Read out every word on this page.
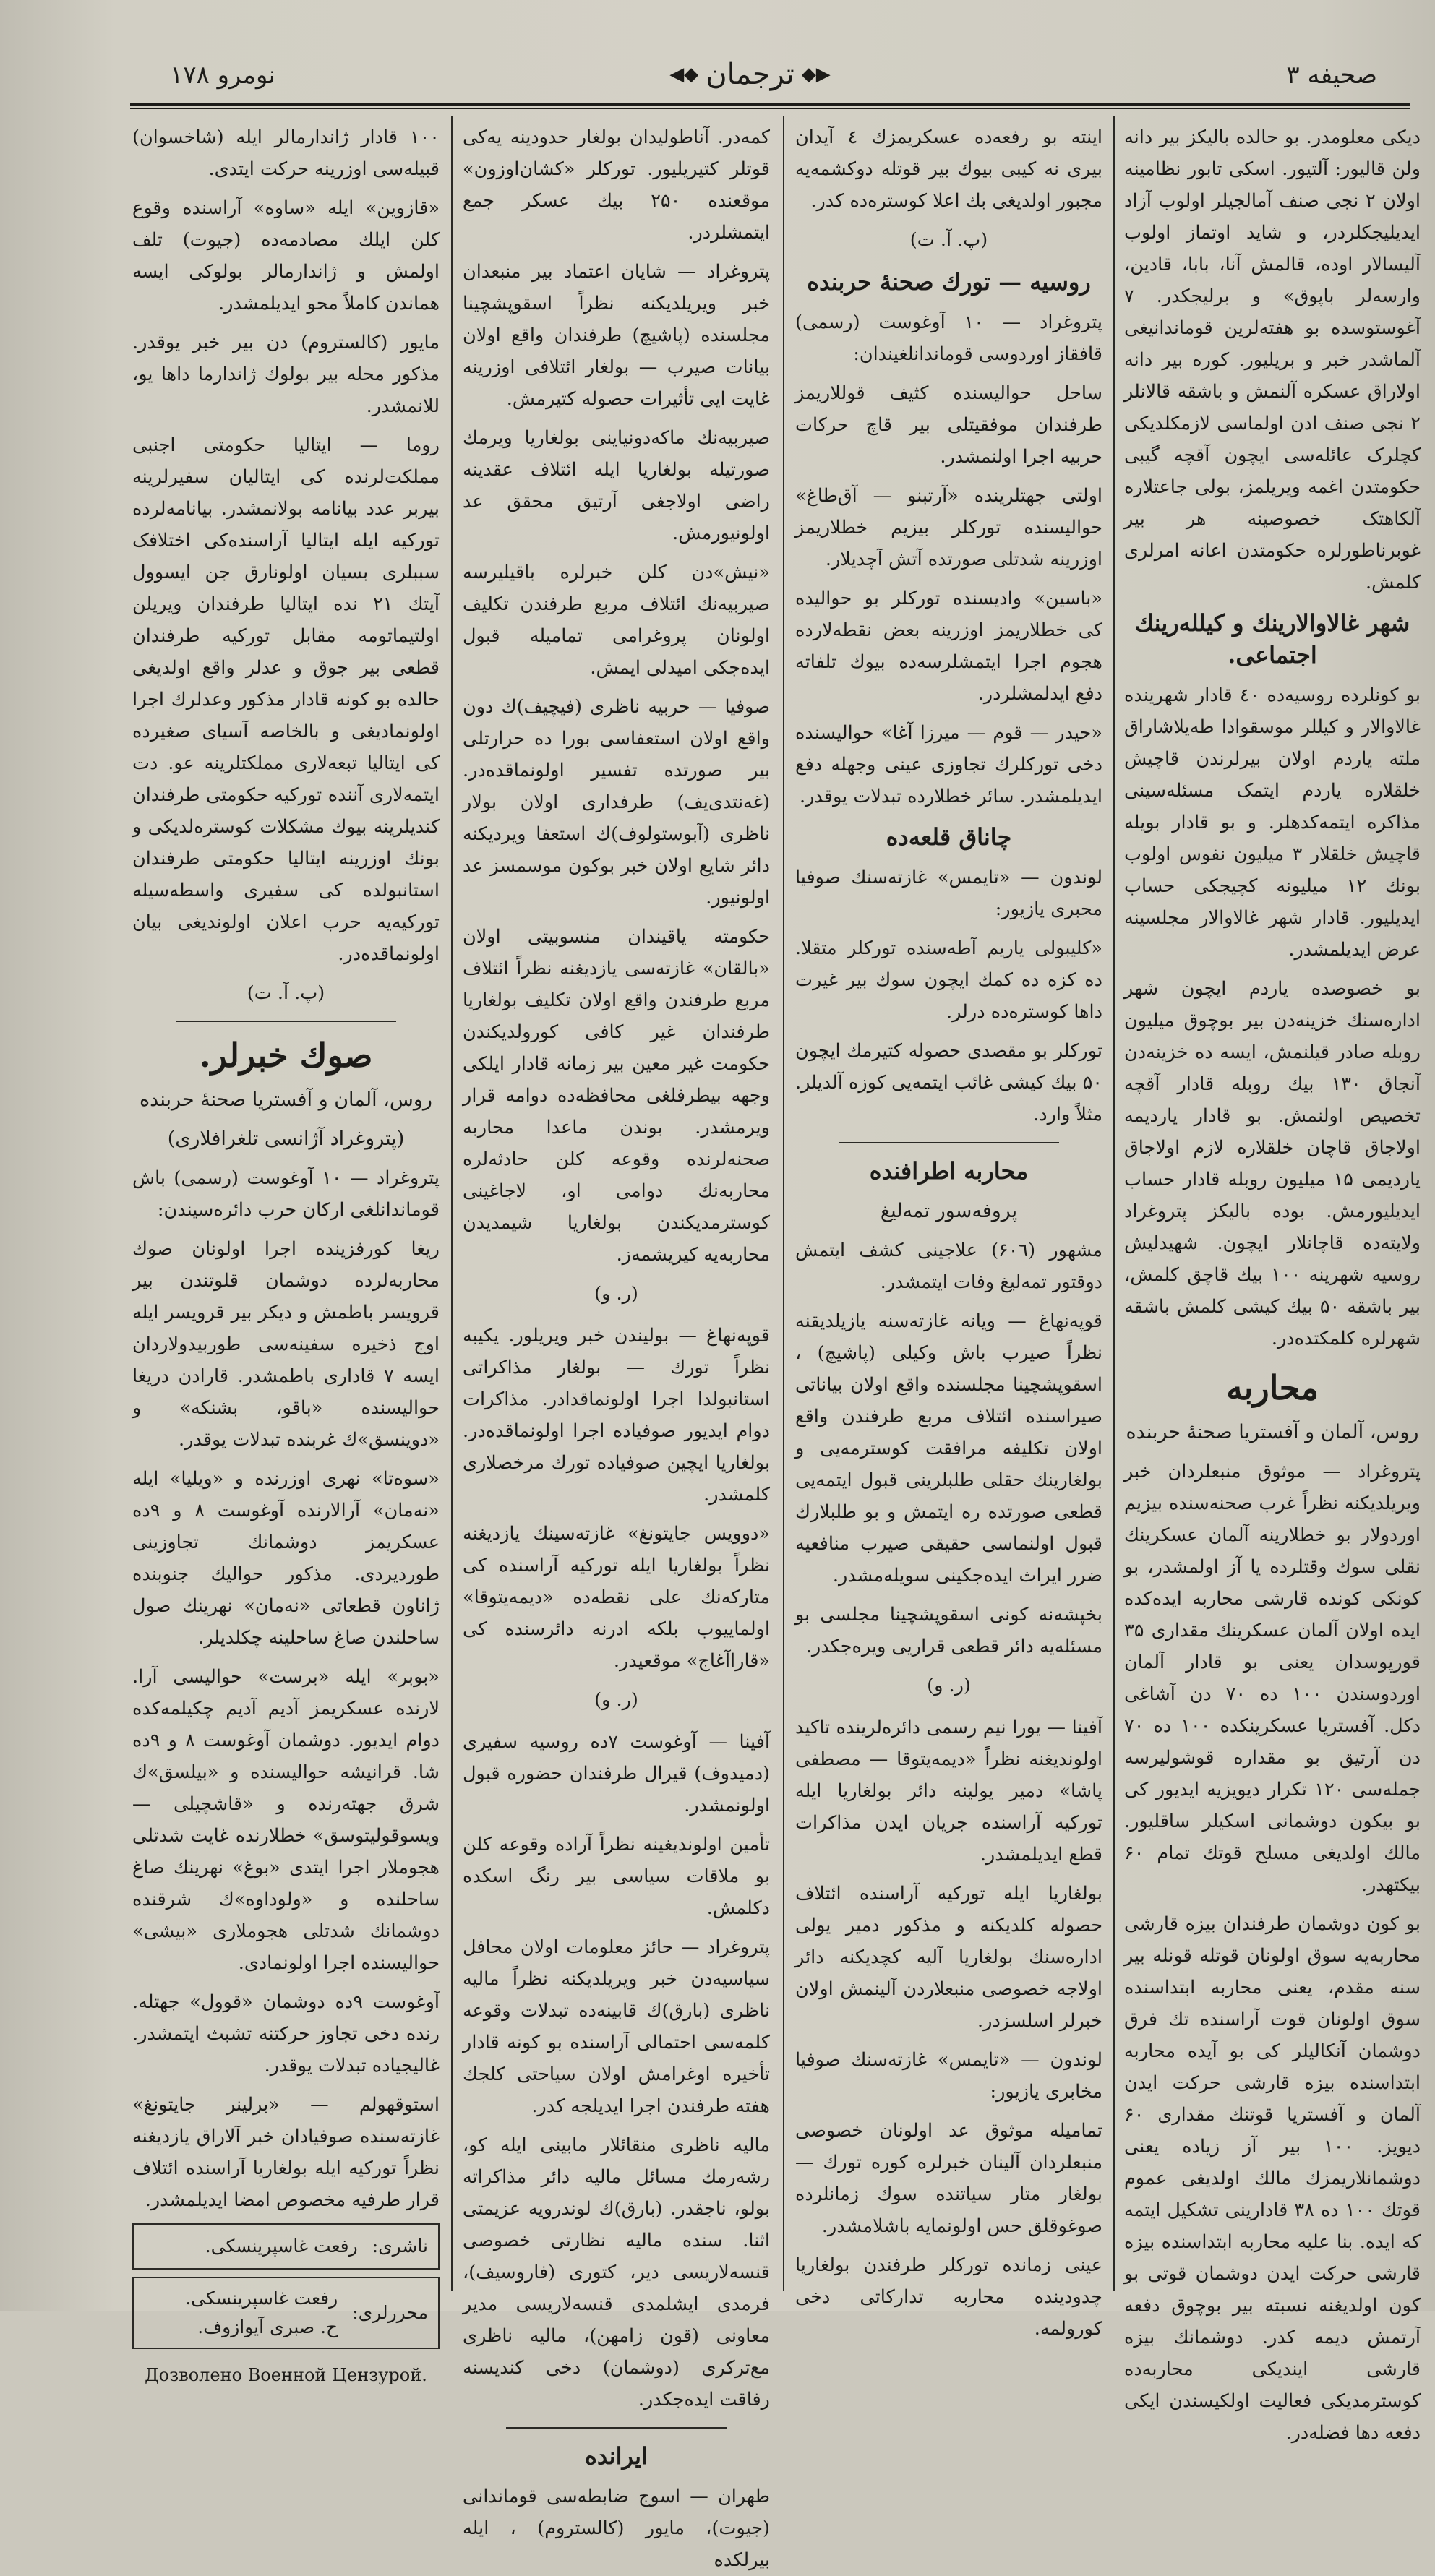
نومرو ۱۷۸	◀◆ ترجمان ◆▶	صحیفه ۳

دیکی معلومدر. بو حالده بالیکز بیر دانه ولن قالیور: آلتیور. اسکی تابور نظامینه اولان ۲ نجی صنف آمالجیلر اولوب آزاد ایدیلیجکلردر، و شاید اوتماز اولوب آلیسالار اوده، قالمش آنا، بابا، قادین، وارسه‌لر باپوق» و برلیجکدر. ۷ آغوستوسده بو هفته‌لرین قوماندانیغی آلماشدر خبر و بریلیور. کوره بیر دانه اولاراق عسکره آلنمش و باشقه قالانلر ۲ نجی صنف ادن اولماسی لازمکلدیکی کچلرک عائله‌سی ایچون آقچه گیبی حکومتدن اغمه ویریلمز، بولی جاعتلاره آلکاهتک خصوصینه هر بیر غوبرناطورلره حکومتدن اعانه امرلری کلمش.

شهر غالاوالارینك و کیلله‌رینك اجتماعی.

بو کونلرده روسیه‌ده ٤٠ قادار شهرینده غالاوالار و کیللر موسقوادا طه‌یلاشاراق ملته یاردم اولان بیرلرندن قاچیش خلقلاره یاردم ایتمک مسئله‌سینی مذاکره ایتمه‌کدهلر. و بو قادار بویله قاچیش خلقلار ۳ میلیون نفوس اولوب بونك ۱۲ میلیونه کچیجکی حساب ایدیلیور. قادار شهر غالاوالار مجلسینه عرض ایدیلمشدر.

بو خصوصده یاردم ایچون شهر اداره‌سنك خزینه‌دن بیر بوچوق میلیون روبله صادر قیلنمش، ایسه ده خزینه‌دن آنجاق ۱۳۰ بیك روبله قادار آقچه تخصیص اولنمش. بو قادار یاردیمه اولاجاق قاچان خلقلاره لازم اولاجاق یاردیمی ۱۵ میلیون روبله قادار حساب ایدیلیورمش. بوده بالیکز پتروغراد ولایته‌ده قاچانلار ایچون. شهیدلیش روسیه شهرینه ۱۰۰ بیك قاچق کلمش، بیر باشقه ۵۰ بیك کیشی کلمش باشقه شهرلره کلمکتده‌در.

محاربه
روس، آلمان و آفستریا صحنهٔ حربنده

پتروغراد — موثوق منبعلردان خبر ویریلدیکنه نظراً غرب صحنه‌سنده بیزیم اوردولار بو خطلارینه آلمان عسکرینك نقلی سوك وقتلرده یا آز اولمشدر، بو کونکی کونده قارشی محاربه ایده‌کده ایده اولان آلمان عسکرینك مقداری ۳۵ قورپوسدان یعنی بو قادار آلمان اوردوسندن ۱۰۰ ده ۷۰ دن آشاغی دکل. آفستریا عسکرینکده ۱۰۰ ده ۷۰ دن آرتیق بو مقداره قوشولیرسه جمله‌سی ۱۲۰ تکرار دیویزیه ایدیور کی بو بیکون دوشمانی اسکیلر ساقلیور. مالك اولدیغی مسلح قوتك تمام ۶۰ بیکتهدر.

بو کون دوشمان طرفندان بیزه قارشی محاربه‌یه سوق اولونان قوتله قونله بیر سنه مقدم، یعنی محاربه ابتداسنده سوق اولونان قوت آراسنده تك فرق دوشمان آنکالیلر کی بو آیده محاربه ابتداسنده بیزه قارشی حرکت ایدن آلمان و آفستریا قوتنك مقداری ۶۰ دیویز. ۱۰۰ بیر آز زیاده یعنی دوشمانلاریمزك مالك اولدیغی عموم قوتك ۱۰۰ ده ۳۸ قادارینی تشکیل ایتمه که ایده. بنا علیه محاربه ابتداسنده بیزه قارشی حرکت ایدن دوشمان قوتی بو کون اولدیغنه نسبته بیر بوچوق دفعه آرتمش دیمه کدر. دوشمانك بیزه قارشی ایندیکی محاربه‌ده کوسترمدیکی فعالیت اولکیسندن ایکی دفعه دها فضله‌در.

اینته بو رفعه‌ده عسکریمزك ٤ آیدان بیری نه کیبی بیوك بیر قوتله دوکشمه‌یه مجبور اولدیغی بك اعلا کوستره‌ده کدر.

(پ. آ. ت)
روسیه — تورك صحنهٔ حربنده

پتروغراد — ۱۰ آوغوست (رسمی) قافقاز اوردوسی قوماندانلغیندان:

ساحل حوالیسنده کثیف قوللاریمز طرفندان موفقیتلی بیر قاچ حرکات حربیه اجرا اولنمشدر.

اولتی جهتلرینده «آرتبنو — آق‌طاغ» حوالیسنده تورکلر بیزیم خطلاریمز اوزرینه شدتلی صورتده آتش آچدیلار.

«باسین» وادیسنده تورکلر بو حوالیده کی خطلاریمز اوزرینه بعض نقطه‌لارده هجوم اجرا ایتمشلرسه‌ده بیوك تلفاته دفع ایدلمشلردر.

«حیدر — قوم — میرزا آغا» حوالیسنده دخی تورکلرك تجاوزی عینی وجهله دفع ایدیلمشدر. سائر خطلارده تبدلات یوقدر.

چاناق قلعه‌ده

لوندون — «تایمس» غازته‌سنك صوفیا محبری یازیور:

«کلیبولی یاریم آطه‌سنده تورکلر متقلا. ده کزه ده کمك ایچون سوك بیر غیرت داها کوستره‌ده درلر.

تورکلر بو مقصدی حصوله کتیرمك ایچون ۵۰ بیك کیشی غائب ایتمه‌یی کوزه آلدیلر. مثلاً وارد.

محاربه اطرافنده
پروفه‌سور تمه‌لیغ

مشهور (۶۰٦) علاجینی کشف ایتمش دوقتور تمه‌لیغ وفات ایتمشدر.

قوپه‌نهاغ — ویانه غازته‌سنه یازیلدیقنه نظراً صیرب باش وکیلی (پاشیچ) ، اسقوپشچینا مجلسنده واقع اولان بیاناتی صیراسنده ائتلاف مربع طرفندن واقع اولان تکلیفه مرافقت کوسترمه‌یی و بولغارینك حقلی طلبلرینی قبول ایتمه‌یی قطعی صورتده ره ایتمش و بو طلبلارك قبول اولنماسی حقیقی صیرب منافعیه ضرر ایراث ایده‌جکینی سویله‌مشدر.

بخپشه‌نه کونی اسقوپشچینا مجلسی بو مسئله‌یه دائر قطعی قراریی ویره‌جکدر.

(ر. و)

آفینا — یورا نیم رسمی دائره‌لرینده تاکید اولوندیغنه نظراً «دیمه‌یتوقا — مصطفی پاشا» دمیر یولینه دائر بولغاریا ایله تورکیه آراسنده جریان ایدن مذاکرات قطع ایدیلمشدر.

بولغاریا ایله تورکیه آراسنده ائتلاف حصوله کلدیکنه و مذکور دمیر یولی اداره‌سنك بولغاریا آلیه کچدیکنه دائر اولاجه خصوصی منبعلاردن آلینمش اولان خبرلر اسلسزدر.

لوندون — «تایمس» غازته‌سنك صوفیا مخابری یازیور:

تمامیله موثوق عد اولونان خصوصی منبعلردان آلینان خبرلره کوره تورك — بولغار متار سیاتنده سوك زمانلرده صوغوقلق حس اولونمایه باشلامشدر.

عینی زمانده تورکلر طرفندن بولغاریا چدودینده محاربه تدارکاتی دخی کورولمه.

کمه‌در. آناطولیدان بولغار حدودینه یه‌کی قوتلر کتیریلیور. تورکلر «کشان‌اوزون» موقعنده ۲۵۰ بیك عسکر جمع ایتمشلردر.

پتروغراد — شایان اعتماد بیر منبعدان خبر ویریلدیکنه نظراً اسقوپشچینا مجلسنده (پاشیچ) طرفندان واقع اولان بیانات صیرب — بولغار ائتلافی اوزرینه غایت ایی تأثیرات حصوله کتیرمش.

صیربیه‌نك ماکه‌دونیاینی بولغاریا ویرمك صورتیله بولغاریا ایله ائتلاف عقدینه راضی اولاجغی آرتیق محقق عد اولونیورمش.

«نیش»دن کلن خبرلره باقیلیرسه صیربیه‌نك ائتلاف مربع طرفندن تکلیف اولونان پروغرامی تمامیله قبول ایده‌جکی امیدلی ایمش.

صوفیا — حربیه ناظری (فیچیف)ك دون واقع اولان استعفاسی بورا ده حرارتلی بیر صورتده تفسیر اولونماقده‌در. (غه‌نتدی‌یف) طرفداری اولان بولار ناظری (آبوستولوف)ك استعفا ویردیکنه دائر شایع اولان خبر بوکون موسمسز عد اولونیور.

حکومته یاقیندان منسوبیتی اولان «بالقان» غازته‌سی یازدیغنه نظراً ائتلاف مربع طرفندن واقع اولان تکلیف بولغاریا طرفندان غیر کافی کورولدیکندن حکومت غیر معین بیر زمانه قادار ایلکی وجهه بیطرفلغی محافظه‌ده دوامه قرار ویرمشدر. بوندن ماعدا محاربه صحنه‌لرنده وقوعه کلن حادثه‌لره محاربه‌نك دوامی او، لاجاغینی کوسترمدیکندن بولغاریا شیمدیدن محاربه‌یه کیریشمه‌ز.

(ر. و)

قوپه‌نهاغ — بولیندن خبر ویریلور. یکیبه نظراً تورك — بولغار مذاکراتی استانبولدا اجرا اولونماقدادر. مذاکرات دوام ایدیور صوفیاده اجرا اولونماقده‌در. بولغاریا ایچین صوفیاده تورك مرخصلاری کلمشدر.

«دوویس جایتونغ» غازته‌سینك یازدیغنه نظراً بولغاریا ایله تورکیه آراسنده کی متارکه‌نك علی نقطه‌ده «دیمه‌یتوقا» اولماییوب بلکه ادرنه دائرسنده کی «قاراآغاج» موقعیدر.

(ر. و)

آفینا — آوغوست ۷ده روسیه سفیری (دمیدوف) قیرال طرفندان حضوره قبول اولونمشدر.

تأمین اولوندیغینه نظراً آراده وقوعه کلن بو ملاقات سیاسی بیر رنگ اسکده دکلمش.

پتروغراد — حائز معلومات اولان محافل سیاسیه‌دن خبر ویریلدیکنه نظراً مالیه ناظری (بارق)ك قابینه‌ده تبدلات وقوعه کلمه‌سی احتمالی آراسنده بو کونه قادار تأخیره اوغرامش اولان سیاحتی کلجك هفته طرفندن اجرا ایدیلجه کدر.

مالیه ناظری منقائلار مابینی ایله کو، رشه‌رمك مسائل مالیه دائر مذاکراته بولو، ناجقدر. (بارق)ك لوندرویه عزیمتی اثنا. سنده مالیه نظارتی خصوصی قنسه‌لاریسی دیر، کتوری (فاروسیف)، فرمدی ایشلمدی قنسه‌لاریسی مدیر معاونی (قون زامهن)، مالیه ناظری مع‌ترکری (دوشمان) دخی کندیسنه رفاقت ایده‌جکدر.

ایرانده

طهران — اسوج ضابطه‌سی قوماندانی (جیوت)، مایور (کالستروم) ، ایله بیرلکده

۱۰۰ قادار ژاندارمالر ایله (شاخسوان) قبیله‌سی اوزرینه حرکت ایتدی.

«قازوین» ایله «ساوه» آراسنده وقوع کلن ایلك مصادمه‌ده (جیوت) تلف اولمش و ژاندارمالر بولوکی ایسه هماندن کاملاً محو ایدیلمشدر.

مایور (کالستروم) دن بیر خبر یوقدر. مذکور محله بیر بولوك ژاندارما داها یو، للانمشدر.

روما — ایتالیا حکومتی اجنبی مملکت‌لرنده کی ایتالیان سفیرلرینه بیربر عدد بیانامه بولانمشدر. بیانامه‌لرده تورکیه ایله ایتالیا آراسنده‌کی اختلافک سببلری بسیان اولونارق جن ایسوول آیتك ۲۱ نده ایتالیا طرفندان ویریلن اولتیماتومه مقابل تورکیه طرفندان قطعی بیر جوق و عدلر واقع اولدیغی حالده بو کونه قادار مذکور وعدلرك اجرا اولونمادیغی و بالخاصه آسیای صغیرده کی ایتالیا تبعه‌لاری مملکتلرینه عو. دت ایتمه‌لاری آننده تورکیه حکومتی طرفندان کندیلرینه بیوك مشکلات کوستره‌لدیکی و بونك اوزرینه ایتالیا حکومتی طرفندان استانبولده کی سفیری واسطه‌سیله تورکیه‌یه حرب اعلان اولوندیغی بیان اولونماقده‌در.

(پ. آ. ت)
صوك خبرلر.
روس، آلمان و آفستریا صحنهٔ حربنده
(پتروغراد آژانسی تلغرافلاری)

پتروغراد — ۱۰ آوغوست (رسمی) باش قوماندانلغی ارکان حرب دائره‌سیندن:

ریغا کورفزینده اجرا اولونان صوك محاربه‌لرده دوشمان قلوتندن بیر قرویسر باطمش و دیکر بیر قرویسر ایله اوج ذخیره سفینه‌سی طوربیدولاردان ایسه ۷ قاداری باطمشدر. قارادن دریغا حوالیسنده «باقو، بشنکه» و «دوینسق»ك غربنده تبدلات یوقدر.

«سوه‌تا» نهری اوزرنده و «ویلیا» ایله «نه‌مان» آرالارنده آوغوست ۸ و ۹ده عسکریمز دوشمانك تجاوزینی طوردیردی. مذکور حوالیك جنوبنده ژاناون قطعاتی «نه‌مان» نهرینك صول ساحلندن صاغ ساحلینه چکلدیلر.

«بوبر» ایله «برست» حوالیسی آرا. لارنده عسکریمز آدیم آدیم چکیلمه‌کده دوام ایدیور. دوشمان آوغوست ۸ و ۹ده شا. قرانیشه حوالیسنده و «بیلسق»ك شرق جهته‌رنده و «قاشچیلی — ویسوقولیتوسق» خطلارنده غایت شدتلی هجوملار اجرا ایتدی «بوغ» نهرینك صاغ ساحلنده و «ولوداوه»ك شرقنده دوشمانك شدتلی هجوملاری «بیشی» حوالیسنده اجرا اولونمادی.

آوغوست ۹ده دوشمان «قوول» جهتله. رنده دخی تجاوز حرکتنه تشبث ایتمشدر. غالیجیاده تبدلات یوقدر.

استوقهولم — «برلینر جایتونغ» غازته‌سنده صوفیادان خبر آلاراق یازدیغنه نظراً تورکیه ایله بولغاریا آراسنده ائتلاف قرار طرفیه مخصوص امضا ایدیلمشدر.

ناشری:
رفعت غاسپرینسکی.
محررلری:
رفعت غاسپرینسکی.
ح. صبری آیوازوف.
Дозволено Военной Цензурой.
